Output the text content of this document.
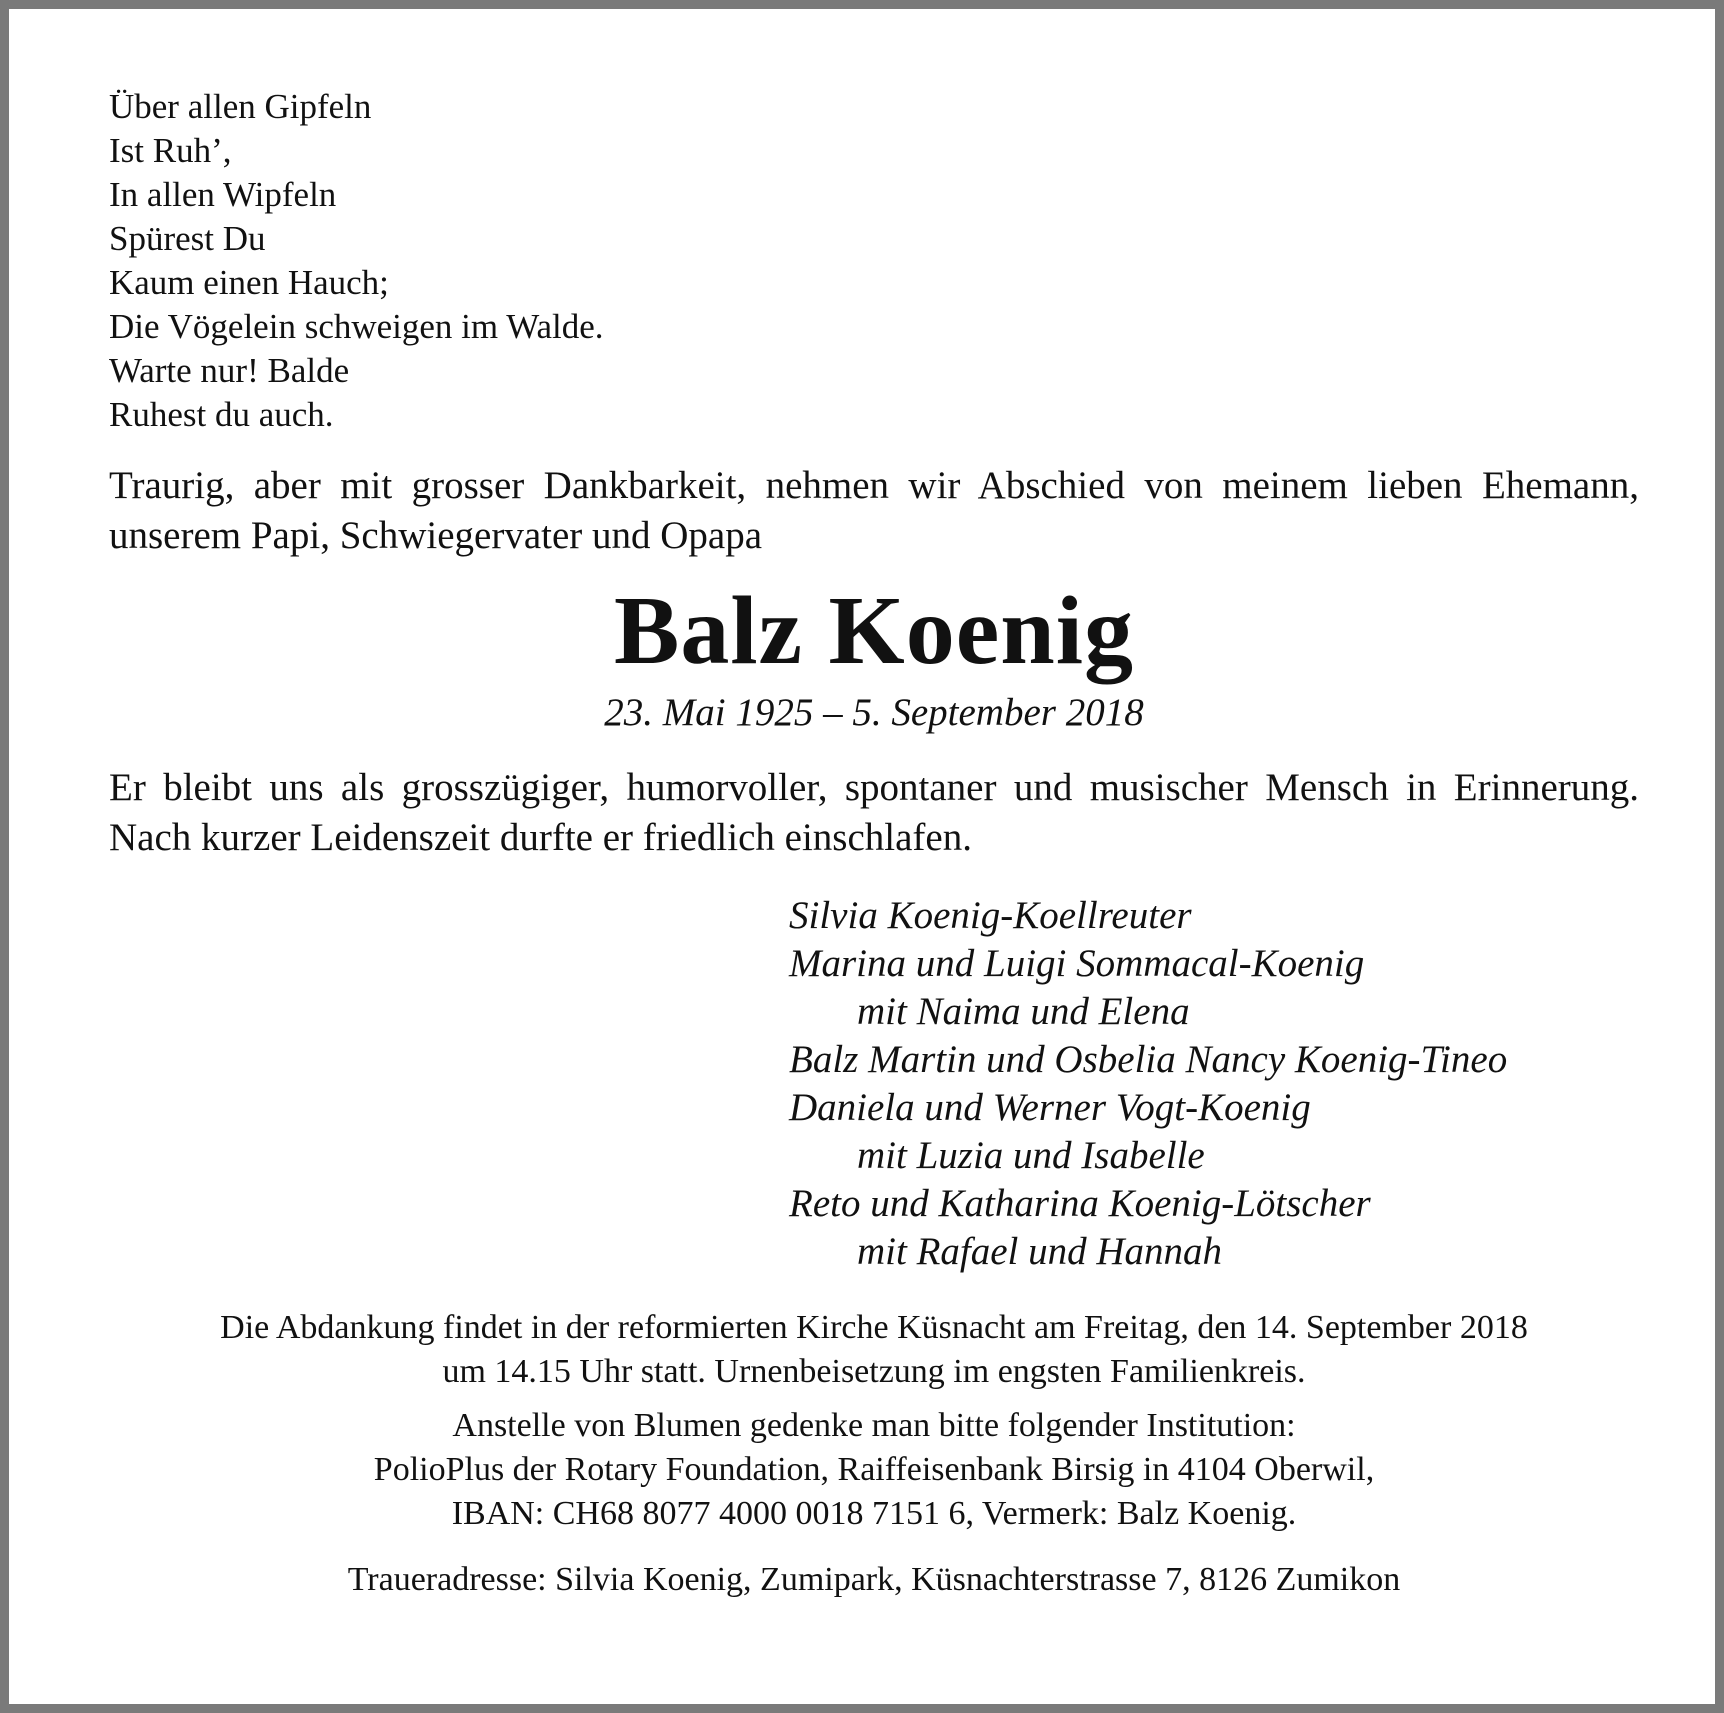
Über allen Gipfeln
Ist Ruh’,
In allen Wipfeln
Spürest Du
Kaum einen Hauch;
Die Vögelein schweigen im Walde.
Warte nur! Balde
Ruhest du auch.
Traurig, aber mit grosser Dankbarkeit, nehmen wir Abschied von meinem lieben Ehemann, unserem Papi, Schwiegervater und Opapa
Balz Koenig
23. Mai 1925 – 5. September 2018
Er bleibt uns als grosszügiger, humorvoller, spontaner und musischer Mensch in Erinnerung. Nach kurzer Leidenszeit durfte er friedlich einschlafen.
Silvia Koenig-Koellreuter
Marina und Luigi Sommacal-Koenig
mit Naima und Elena
Balz Martin und Osbelia Nancy Koenig-Tineo
Daniela und Werner Vogt-Koenig
mit Luzia und Isabelle
Reto und Katharina Koenig-Lötscher
mit Rafael und Hannah
Die Abdankung findet in der reformierten Kirche Küsnacht am Freitag, den 14. September 2018
um 14.15 Uhr statt. Urnenbeisetzung im engsten Familienkreis.
Anstelle von Blumen gedenke man bitte folgender Institution:
PolioPlus der Rotary Foundation, Raiffeisenbank Birsig in 4104 Oberwil,
IBAN: CH68 8077 4000 0018 7151 6, Vermerk: Balz Koenig.
Traueradresse: Silvia Koenig, Zumipark, Küsnachterstrasse 7, 8126 Zumikon
